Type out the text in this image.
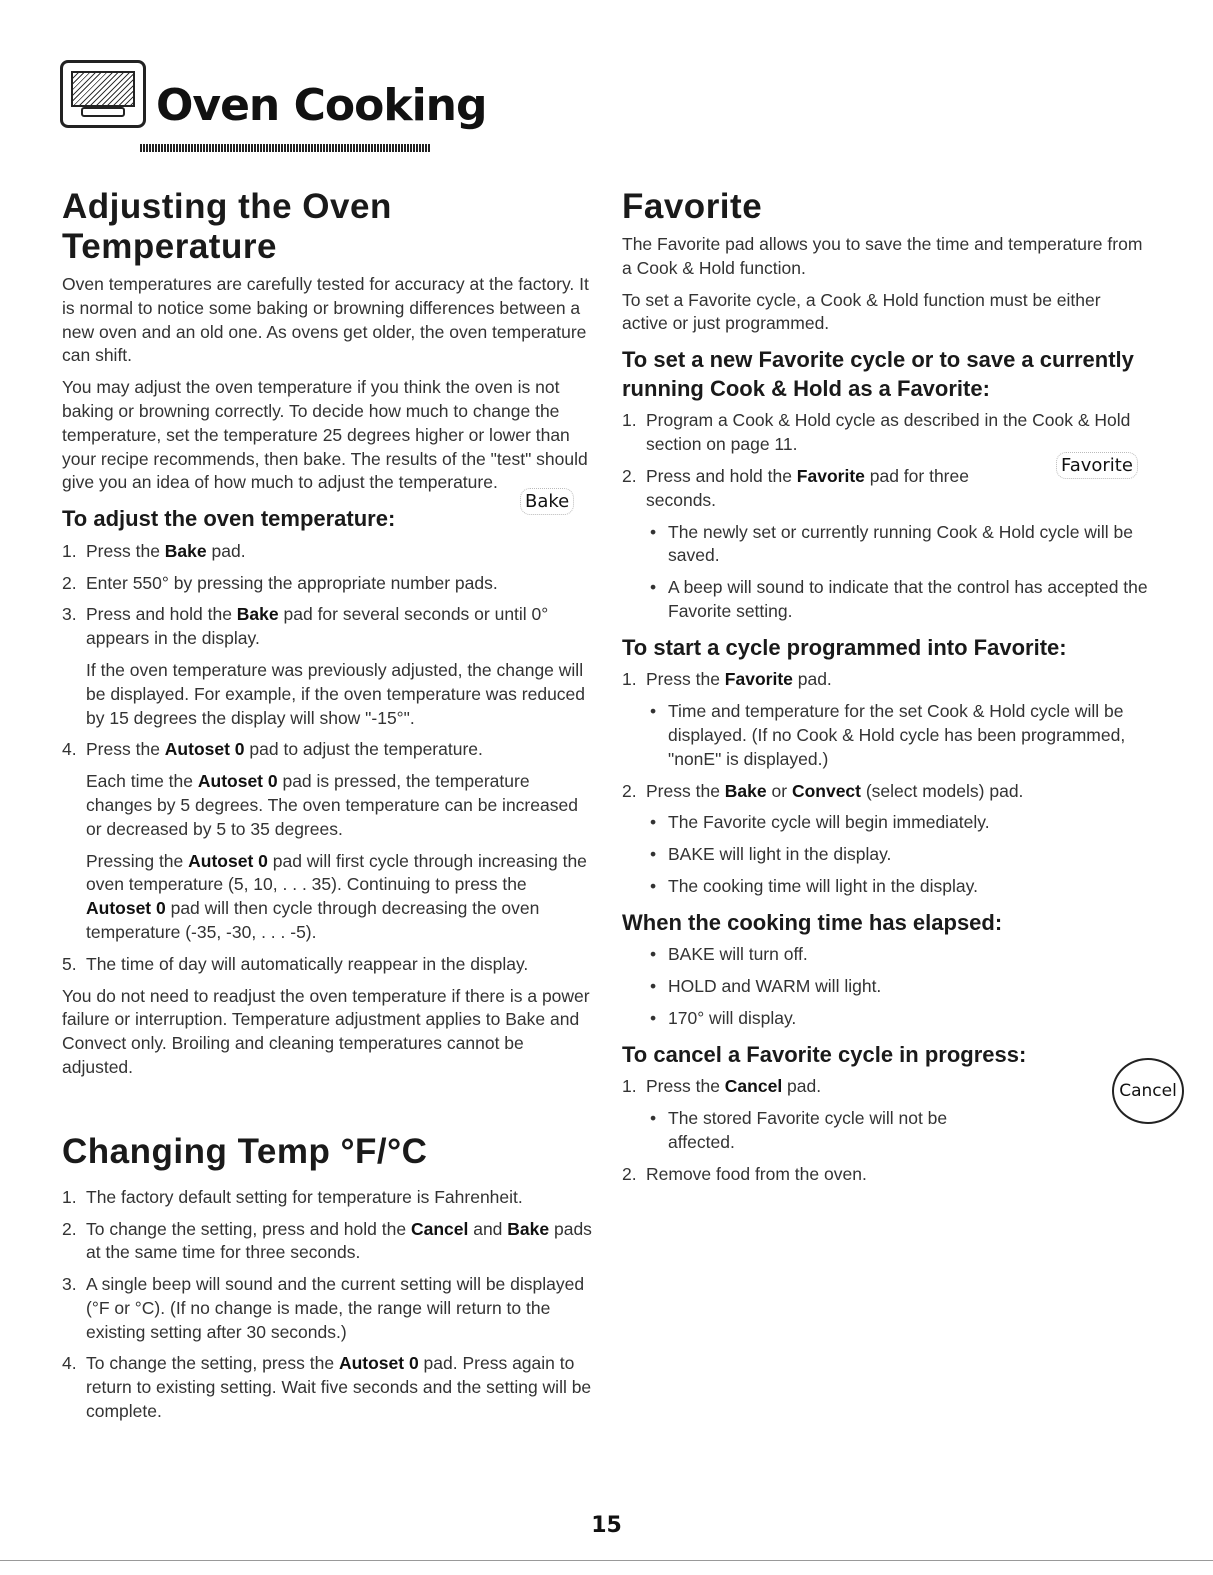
Oven Cooking
Adjusting the Oven Temperature

Oven temperatures are carefully tested for accuracy at the factory. It is normal to notice some baking or browning differences between a new oven and an old one. As ovens get older, the oven temperature can shift.

You may adjust the oven temperature if you think the oven is not baking or browning correctly. To decide how much to change the temperature, set the temperature 25 degrees higher or lower than your recipe recommends, then bake. The results of the "test" should give you an idea of how much to adjust the temperature.

To adjust the oven temperature:
1. Press the Bake pad.
2. Enter 550° by pressing the appropriate number pads.
3. Press and hold the Bake pad for several seconds or until 0° appears in the display.

If the oven temperature was previously adjusted, the change will be displayed. For example, if the oven temperature was reduced by 15 degrees the display will show "-15°".

4. Press the Autoset 0 pad to adjust the temperature.

Each time the Autoset 0 pad is pressed, the temperature changes by 5 degrees. The oven temperature can be increased or decreased by 5 to 35 degrees.

Pressing the Autoset 0 pad will first cycle through increasing the oven temperature (5, 10, . . . 35). Continuing to press the Autoset 0 pad will then cycle through decreasing the oven temperature (-35, -30, . . . -5).

5. The time of day will automatically reappear in the display.

You do not need to readjust the oven temperature if there is a power failure or interruption. Temperature adjustment applies to Bake and Convect only. Broiling and cleaning temperatures cannot be adjusted.

Changing Temp °F/°C
1. The factory default setting for temperature is Fahrenheit.
2. To change the setting, press and hold the Cancel and Bake pads at the same time for three seconds.
3. A single beep will sound and the current setting will be displayed (°F or °C). (If no change is made, the range will return to the existing setting after 30 seconds.)
4. To change the setting, press the Autoset 0 pad. Press again to return to existing setting. Wait five seconds and the setting will be complete.
Bake
Favorite

The Favorite pad allows you to save the time and temperature from a Cook & Hold function.

To set a Favorite cycle, a Cook & Hold function must be either active or just programmed.

To set a new Favorite cycle or to save a currently running Cook & Hold as a Favorite:
1. Program a Cook & Hold cycle as described in the Cook & Hold section on page 11.
2. Press and hold the Favorite pad for three seconds.
• The newly set or currently running Cook & Hold cycle will be saved.
• A beep will sound to indicate that the control has accepted the Favorite setting.
To start a cycle programmed into Favorite:
1. Press the Favorite pad.
• Time and temperature for the set Cook & Hold cycle will be displayed. (If no Cook & Hold cycle has been programmed, "nonE" is displayed.)
2. Press the Bake or Convect (select models) pad.
• The Favorite cycle will begin immediately.
• BAKE will light in the display.
• The cooking time will light in the display.
When the cooking time has elapsed:
• BAKE will turn off.
• HOLD and WARM will light.
• 170° will display.
To cancel a Favorite cycle in progress:
1. Press the Cancel pad.
• The stored Favorite cycle will not be affected.
2. Remove food from the oven.
Favorite
Cancel
15
